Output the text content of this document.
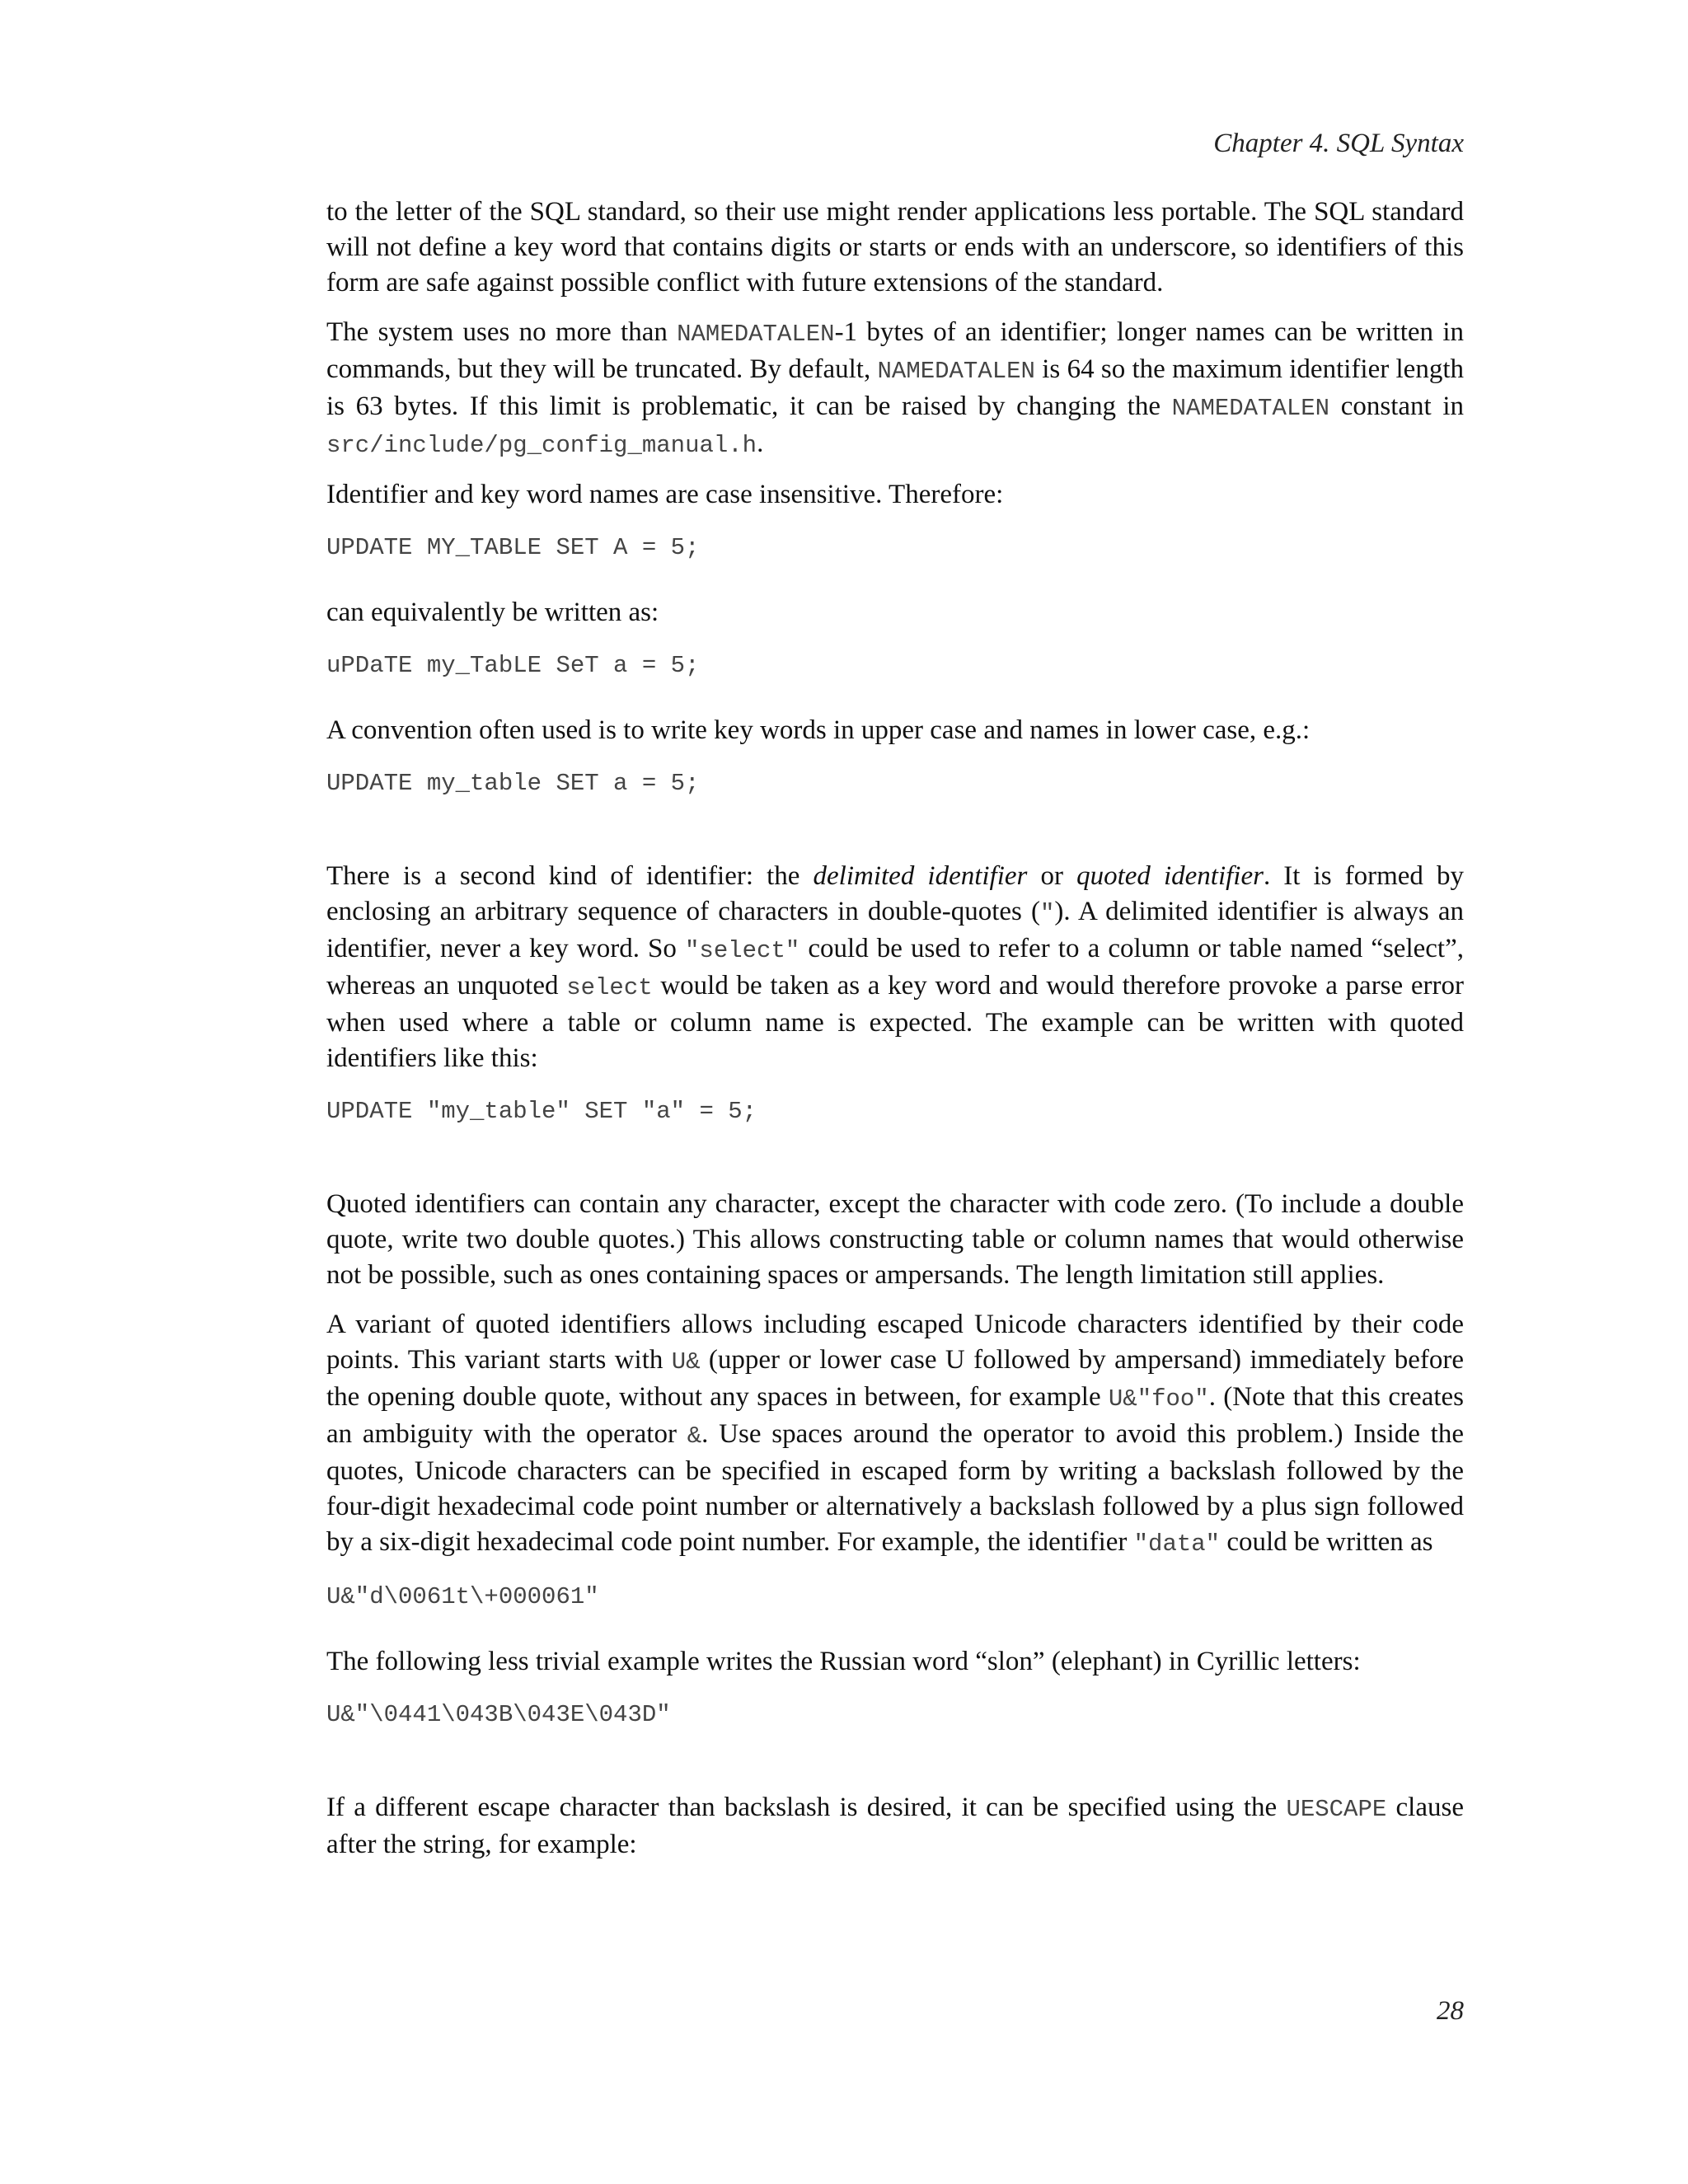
Chapter 4. SQL Syntax

to the letter of the SQL standard, so their use might render applications less portable. The SQL standard will not define a key word that contains digits or starts or ends with an underscore, so identifiers of this form are safe against possible conflict with future extensions of the standard.

The system uses no more than NAMEDATALEN-1 bytes of an identifier; longer names can be written in commands, but they will be truncated. By default, NAMEDATALEN is 64 so the maximum identifier length is 63 bytes. If this limit is problematic, it can be raised by changing the NAMEDATALEN constant in src/include/pg_config_manual.h.

Identifier and key word names are case insensitive. Therefore:

UPDATE MY_TABLE SET A = 5;

can equivalently be written as:

uPDaTE my_TabLE SeT a = 5;

A convention often used is to write key words in upper case and names in lower case, e.g.:

UPDATE my_table SET a = 5;

There is a second kind of identifier: the delimited identifier or quoted identifier. It is formed by enclosing an arbitrary sequence of characters in double-quotes ("). A delimited identifier is always an identifier, never a key word. So "select" could be used to refer to a column or table named “select”, whereas an unquoted select would be taken as a key word and would therefore provoke a parse error when used where a table or column name is expected. The example can be written with quoted identifiers like this:

UPDATE "my_table" SET "a" = 5;

Quoted identifiers can contain any character, except the character with code zero. (To include a double quote, write two double quotes.) This allows constructing table or column names that would otherwise not be possible, such as ones containing spaces or ampersands. The length limitation still applies.

A variant of quoted identifiers allows including escaped Unicode characters identified by their code points. This variant starts with U& (upper or lower case U followed by ampersand) immediately before the opening double quote, without any spaces in between, for example U&"foo". (Note that this creates an ambiguity with the operator &. Use spaces around the operator to avoid this problem.) Inside the quotes, Unicode characters can be specified in escaped form by writing a backslash followed by the four-digit hexadecimal code point number or alternatively a backslash followed by a plus sign followed by a six-digit hexadecimal code point number. For example, the identifier "data" could be written as

U&"d\0061t\+000061"

The following less trivial example writes the Russian word “slon” (elephant) in Cyrillic letters:

U&"\0441\043B\043E\043D"

If a different escape character than backslash is desired, it can be specified using the UESCAPE clause after the string, for example:

28
